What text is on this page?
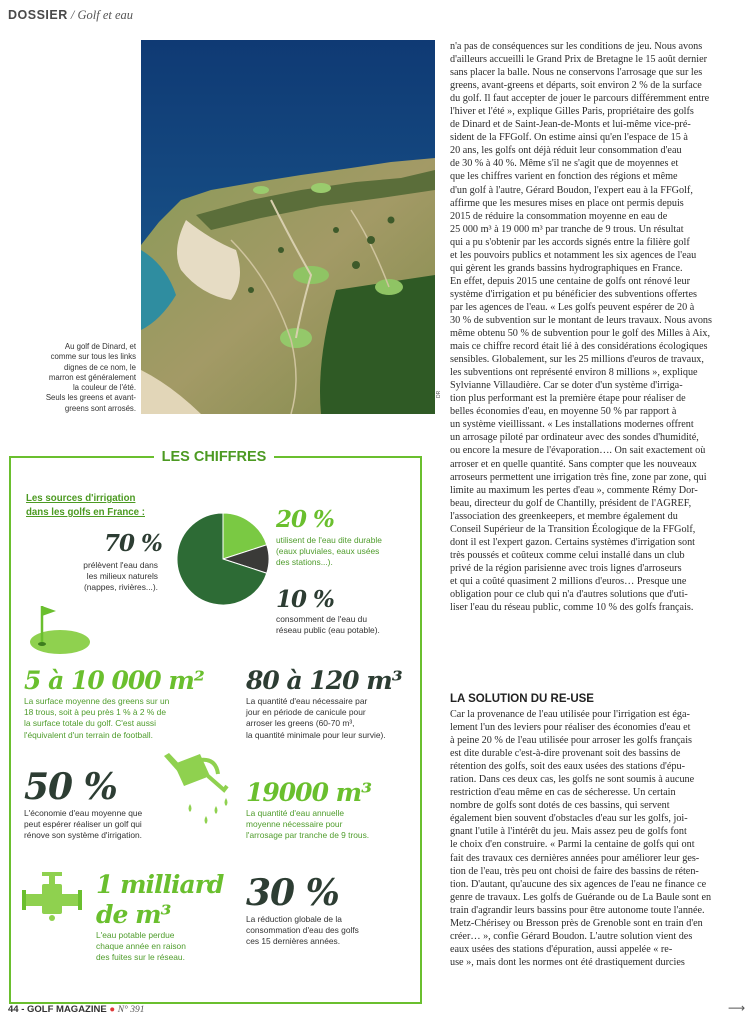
DOSSIER / Golf et eau
DR
Au golf de Dinard, et
comme sur tous les links
dignes de ce nom, le
marron est généralement
la couleur de l'été.
Seuls les greens et avant-
greens sont arrosés.
LES CHIFFRES
Les sources d'irrigation
dans les golfs en France :
70 %
prélèvent l'eau dans
les milieux naturels
(nappes, rivières...).
20 %
utilisent de l'eau dite durable
(eaux pluviales, eaux usées
des stations...).
10 %
consomment de l'eau du
réseau public (eau potable).
5 à 10 000 m²
La surface moyenne des greens sur un
18 trous, soit à peu près 1 % à 2 % de
la surface totale du golf. C'est aussi
l'équivalent d'un terrain de football.
80 à 120 m³
La quantité d'eau nécessaire par
jour en période de canicule pour
arroser les greens (60-70 m³,
la quantité minimale pour leur survie).
50 %
L'économie d'eau moyenne que
peut espérer réaliser un golf qui
rénove son système d'irrigation.
19000 m³
La quantité d'eau annuelle
moyenne nécessaire pour
l'arrosage par tranche de 9 trous.
1 milliard
de m³
L'eau potable perdue
chaque année en raison
des fuites sur le réseau.
30 %
La réduction globale de la
consommation d'eau des golfs
ces 15 dernières années.
n'a pas de conséquences sur les conditions de jeu. Nous avons
d'ailleurs accueilli le Grand Prix de Bretagne le 15 août dernier
sans placer la balle. Nous ne conservons l'arrosage que sur les
greens, avant-greens et départs, soit environ 2 % de la surface
du golf. Il faut accepter de jouer le parcours différemment entre
l'hiver et l'été », explique Gilles Paris, propriétaire des golfs
de Dinard et de Saint-Jean-de-Monts et lui-même vice-pré-
sident de la FFGolf. On estime ainsi qu'en l'espace de 15 à
20 ans, les golfs ont déjà réduit leur consommation d'eau
de 30 % à 40 %. Même s'il ne s'agit que de moyennes et
que les chiffres varient en fonction des régions et même
d'un golf à l'autre, Gérard Boudon, l'expert eau à la FFGolf,
affirme que les mesures mises en place ont permis depuis
2015 de réduire la consommation moyenne en eau de
25 000 m³ à 19 000 m³ par tranche de 9 trous. Un résultat
qui a pu s'obtenir par les accords signés entre la filière golf
et les pouvoirs publics et notamment les six agences de l'eau
qui gèrent les grands bassins hydrographiques en France.
En effet, depuis 2015 une centaine de golfs ont rénové leur
système d'irrigation et pu bénéficier des subventions offertes
par les agences de l'eau. « Les golfs peuvent espérer de 20 à
30 % de subvention sur le montant de leurs travaux. Nous avons
même obtenu 50 % de subvention pour le golf des Milles à Aix,
mais ce chiffre record était lié à des considérations écologiques
sensibles. Globalement, sur les 25 millions d'euros de travaux,
les subventions ont représenté environ 8 millions », explique
Sylvianne Villaudière. Car se doter d'un système d'irriga-
tion plus performant est la première étape pour réaliser de
belles économies d'eau, en moyenne 50 % par rapport à
un système vieillissant. « Les installations modernes offrent
un arrosage piloté par ordinateur avec des sondes d'humidité,
ou encore la mesure de l'évaporation…. On sait exactement où
arroser et en quelle quantité. Sans compter que les nouveaux
arroseurs permettent une irrigation très fine, zone par zone, qui
limite au maximum les pertes d'eau », commente Rémy Dor-
beau, directeur du golf de Chantilly, président de l'AGREF,
l'association des greenkeepers, et membre également du
Conseil Supérieur de la Transition Écologique de la FFGolf,
dont il est l'expert gazon. Certains systèmes d'irrigation sont
très poussés et coûteux comme celui installé dans un club
privé de la région parisienne avec trois lignes d'arroseurs
et qui a coûté quasiment 2 millions d'euros… Presque une
obligation pour ce club qui n'a d'autres solutions que d'uti-
liser l'eau du réseau public, comme 10 % des golfs français.
LA SOLUTION DU RE-USE
Car la provenance de l'eau utilisée pour l'irrigation est éga-
lement l'un des leviers pour réaliser des économies d'eau et
à peine 20 % de l'eau utilisée pour arroser les golfs français
est dite durable c'est-à-dire provenant soit des bassins de
rétention des golfs, soit des eaux usées des stations d'épu-
ration. Dans ces deux cas, les golfs ne sont soumis à aucune
restriction d'eau même en cas de sécheresse. Un certain
nombre de golfs sont dotés de ces bassins, qui servent
également bien souvent d'obstacles d'eau sur les golfs, joi-
gnant l'utile à l'intérêt du jeu. Mais assez peu de golfs font
le choix d'en construire. « Parmi la centaine de golfs qui ont
fait des travaux ces dernières années pour améliorer leur ges-
tion de l'eau, très peu ont choisi de faire des bassins de réten-
tion. D'autant, qu'aucune des six agences de l'eau ne finance ce
genre de travaux. Les golfs de Guérande ou de La Baule sont en
train d'agrandir leurs bassins pour être autonome toute l'année.
Metz-Chérisey ou Bresson près de Grenoble sont en train d'en
créer… », confie Gérard Boudon. L'autre solution vient des
eaux usées des stations d'épuration, aussi appelée « re-
use », mais dont les normes ont été drastiquement durcies
44 - GOLF MAGAZINE ● N° 391	⟶
